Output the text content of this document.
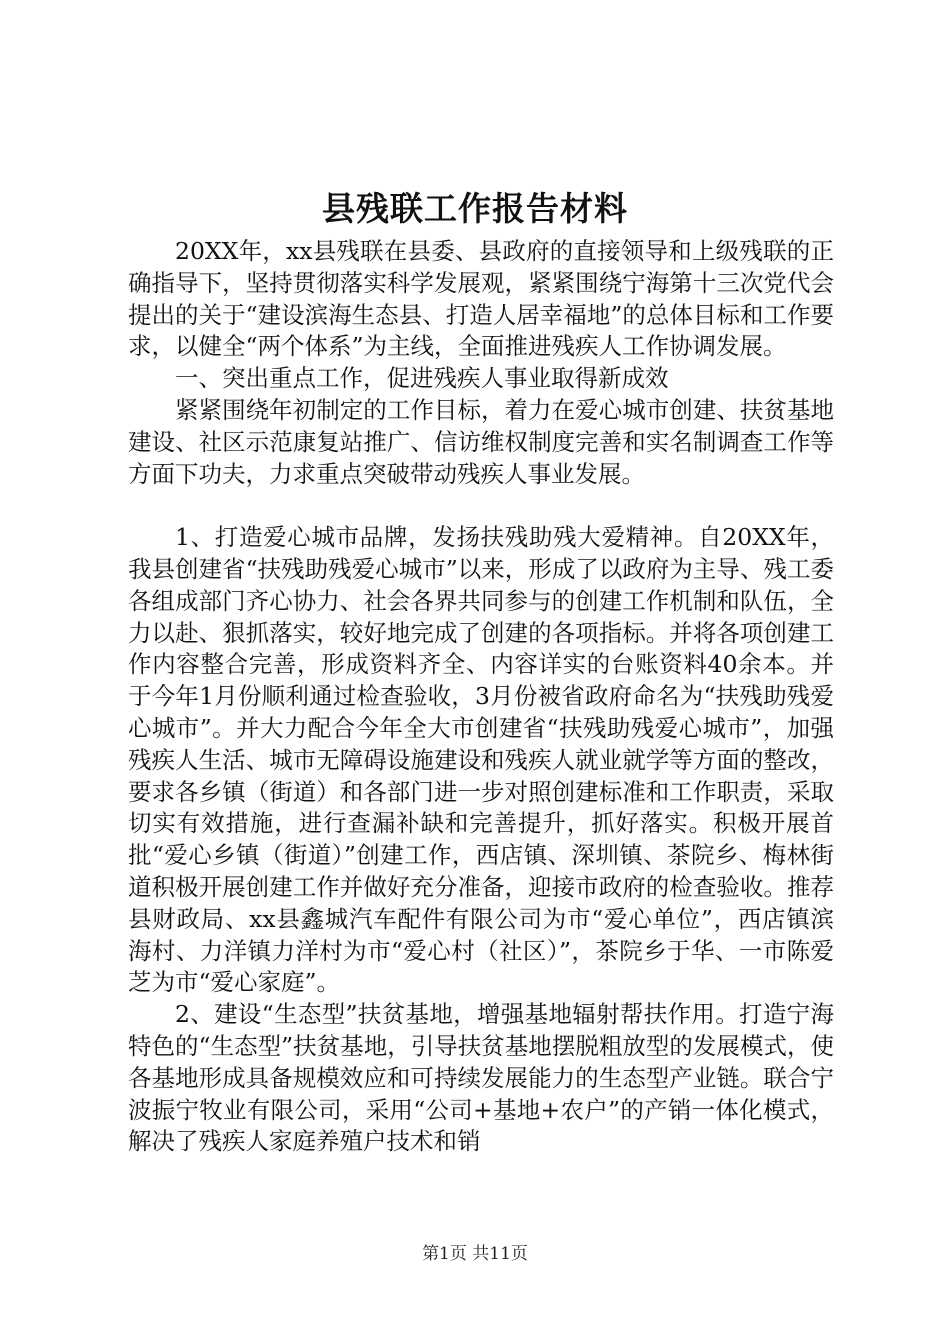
县残联工作报告材料

20XX年，xx县残联在县委、县政府的直接领导和上级残联的正确指导下，坚持贯彻落实科学发展观，紧紧围绕宁海第十三次党代会提出的关于“建设滨海生态县、打造人居幸福地”的总体目标和工作要求，以健全“两个体系”为主线，全面推进残疾人工作协调发展。

一、突出重点工作，促进残疾人事业取得新成效

紧紧围绕年初制定的工作目标，着力在爱心城市创建、扶贫基地建设、社区示范康复站推广、信访维权制度完善和实名制调查工作等方面下功夫，力求重点突破带动残疾人事业发展。

1、打造爱心城市品牌，发扬扶残助残大爱精神。自20XX年，我县创建省“扶残助残爱心城市”以来，形成了以政府为主导、残工委各组成部门齐心协力、社会各界共同参与的创建工作机制和队伍，全力以赴、狠抓落实，较好地完成了创建的各项指标。并将各项创建工作内容整合完善，形成资料齐全、内容详实的台账资料40余本。并于今年1月份顺利通过检查验收，3月份被省政府命名为“扶残助残爱心城市”。并大力配合今年全大市创建省“扶残助残爱心城市”，加强残疾人生活、城市无障碍设施建设和残疾人就业就学等方面的整改，要求各乡镇（街道）和各部门进一步对照创建标准和工作职责，采取切实有效措施，进行查漏补缺和完善提升，抓好落实。积极开展首批“爱心乡镇（街道）”创建工作，西店镇、深圳镇、茶院乡、梅林街道积极开展创建工作并做好充分准备，迎接市政府的检查验收。推荐县财政局、xx县鑫城汽车配件有限公司为市“爱心单位”，西店镇滨海村、力洋镇力洋村为市“爱心村（社区）”，茶院乡于华、一市陈爱芝为市“爱心家庭”。

2、建设“生态型”扶贫基地，增强基地辐射帮扶作用。打造宁海特色的“生态型”扶贫基地，引导扶贫基地摆脱粗放型的发展模式，使各基地形成具备规模效应和可持续发展能力的生态型产业链。联合宁波振宁牧业有限公司，采用“公司+基地+农户”的产销一体化模式，解决了残疾人家庭养殖户技术和销

第1页 共11页
